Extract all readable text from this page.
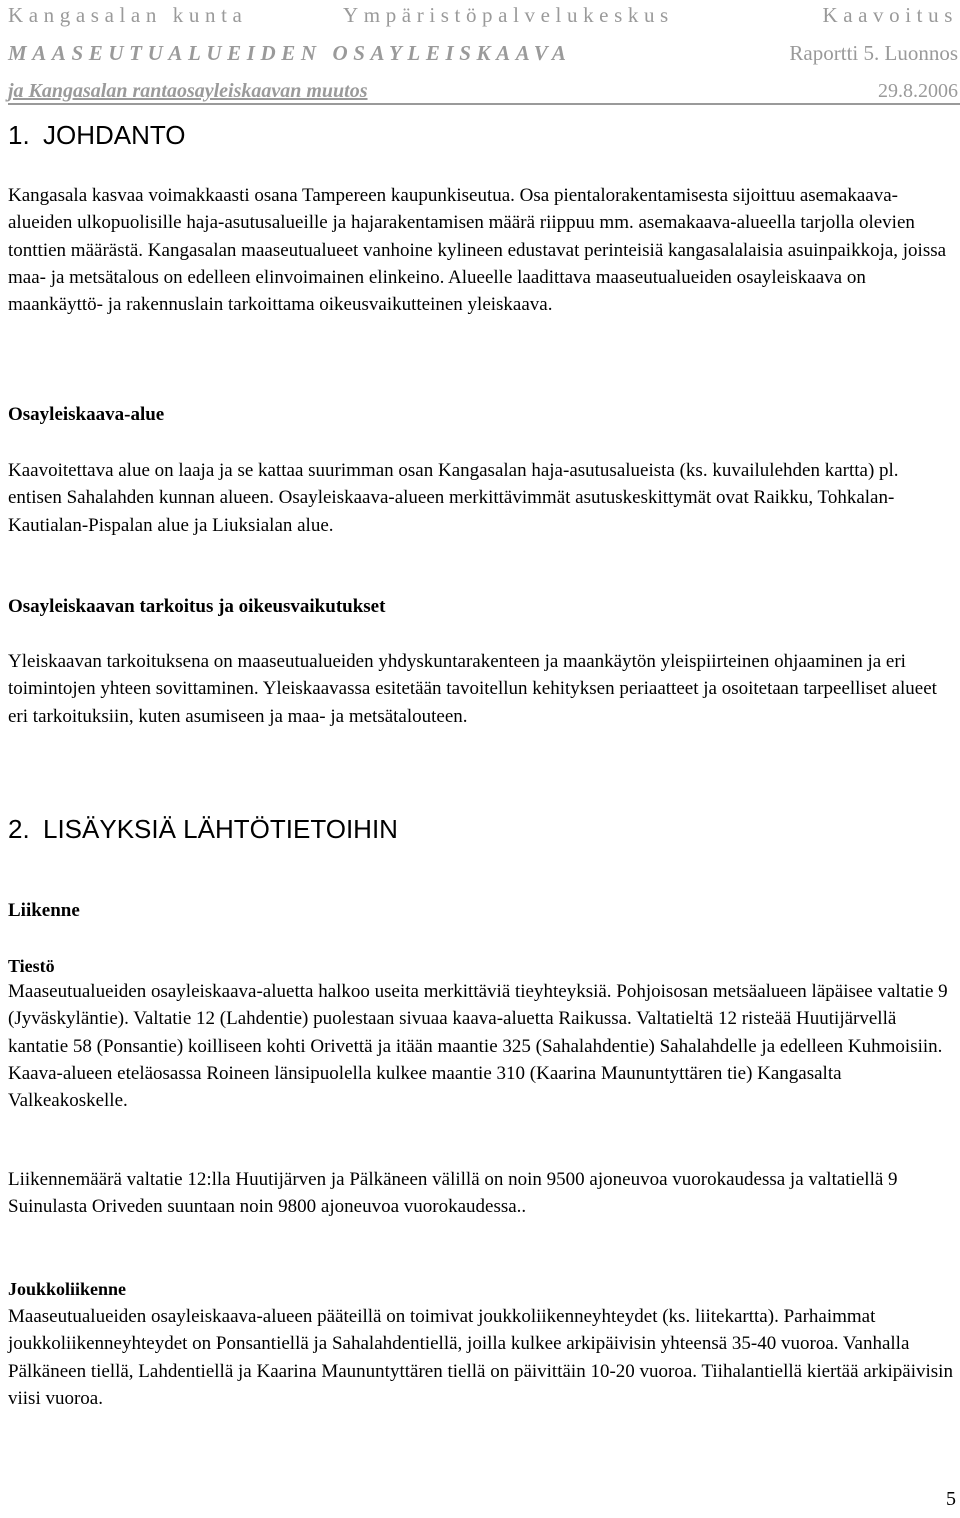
Kangasalan kunta	Ympäristöpalvelukeskus	Kaavoitus
MAASEUTUALUEIDEN OSAYLEISKAAVA	Raportti 5. Luonnos
ja Kangasalan rantaosayleiskaavan muutos	29.8.2006
1. JOHDANTO

Kangasala kasvaa voimakkaasti osana Tampereen kaupunkiseutua. Osa pientalorakentamisesta sijoittuu asemakaava-alueiden ulkopuolisille haja-asutusalueille ja hajarakentamisen määrä riippuu mm. asemakaava-alueella tarjolla olevien tonttien määrästä. Kangasalan maaseutualueet vanhoine kylineen edustavat perinteisiä kangasalalaisia asuinpaikkoja, joissa maa- ja metsätalous on edelleen elinvoimainen elinkeino. Alueelle laadittava maaseutualueiden osayleiskaava on maankäyttö- ja rakennuslain tarkoittama oikeusvaikutteinen yleiskaava.

Osayleiskaava-alue

Kaavoitettava alue on laaja ja se kattaa suurimman osan Kangasalan haja-asutusalueista (ks. kuvailulehden kartta) pl. entisen Sahalahden kunnan alueen. Osayleiskaava-alueen merkittävimmät asutuskeskittymät ovat Raikku, Tohkalan-Kautialan-Pispalan alue ja Liuksialan alue.

Osayleiskaavan tarkoitus ja oikeusvaikutukset

Yleiskaavan tarkoituksena on maaseutualueiden yhdyskuntarakenteen ja maankäytön yleispiirteinen ohjaaminen ja eri toimintojen yhteen sovittaminen. Yleiskaavassa esitetään tavoitellun kehityksen periaatteet ja osoitetaan tarpeelliset alueet eri tarkoituksiin, kuten asumiseen ja maa- ja metsätalouteen.

2. LISÄYKSIÄ LÄHTÖTIETOIHIN
Liikenne
Tiestö

Maaseutualueiden osayleiskaava-aluetta halkoo useita merkittäviä tieyhteyksiä. Pohjoisosan metsäalueen läpäisee valtatie 9 (Jyväskyläntie). Valtatie 12 (Lahdentie) puolestaan sivuaa kaava-aluetta Raikussa. Valtatieltä 12 risteää Huutijärvellä kantatie 58 (Ponsantie) koilliseen kohti Orivettä ja itään maantie 325 (Sahalahdentie) Sahalahdelle ja edelleen Kuhmoisiin. Kaava-alueen eteläosassa Roineen länsipuolella kulkee maantie 310 (Kaarina Maununtyttären tie) Kangasalta Valkeakoskelle.

Liikennemäärä valtatie 12:lla Huutijärven ja Pälkäneen välillä on noin 9500 ajoneuvoa vuorokaudessa ja valtatiellä 9 Suinulasta Oriveden suuntaan noin 9800 ajoneuvoa vuorokaudessa..

Joukkoliikenne

Maaseutualueiden osayleiskaava-alueen pääteillä on toimivat joukkoliikenneyhteydet (ks. liitekartta). Parhaimmat joukkoliikenneyhteydet on Ponsantiellä ja Sahalahdentiellä, joilla kulkee arkipäivisin yhteensä 35-40 vuoroa. Vanhalla Pälkäneen tiellä, Lahdentiellä ja Kaarina Maununtyttären tiellä on päivittäin 10-20 vuoroa. Tiihalantiellä kiertää arkipäivisin viisi vuoroa.

5
